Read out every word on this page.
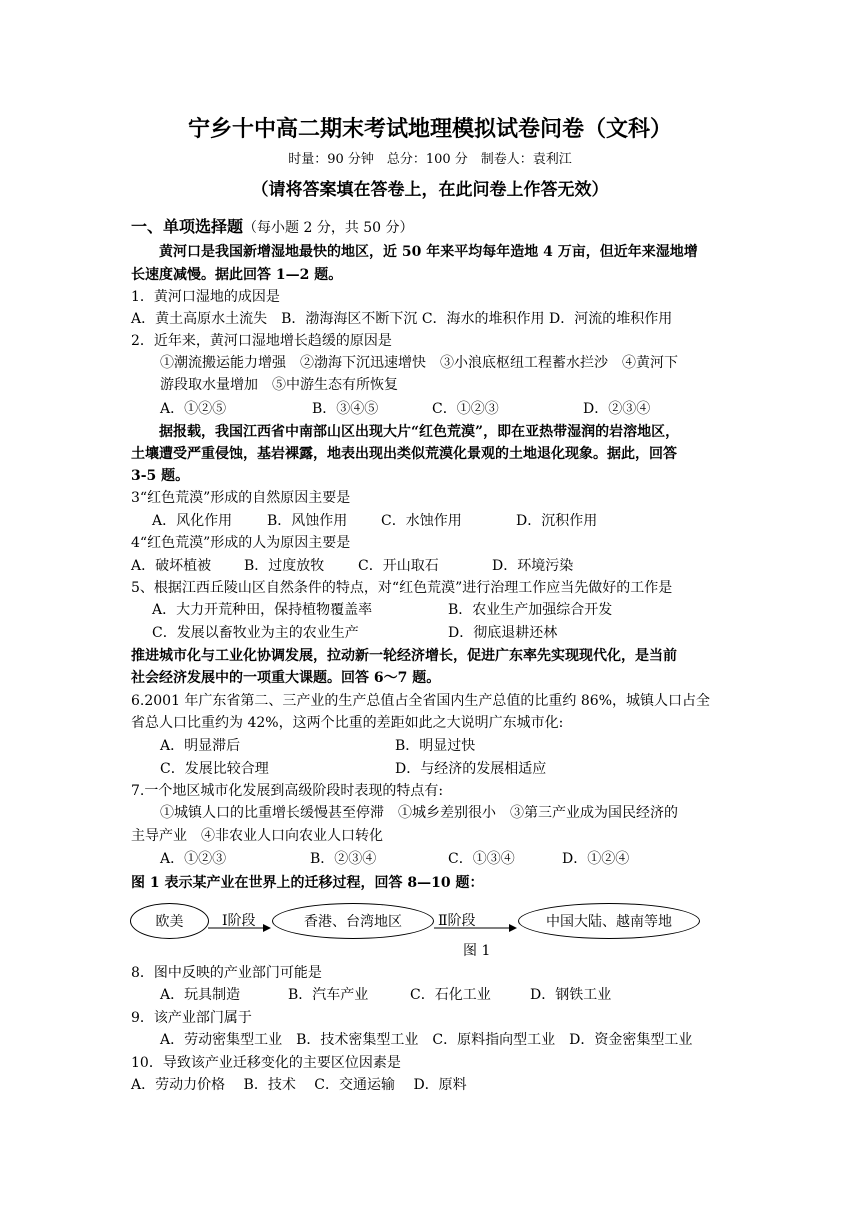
宁乡十中高二期末考试地理模拟试卷问卷（文科）
时量：90 分钟　总分：100 分　制卷人：袁利江
（请将答案填在答卷上，在此问卷上作答无效）
一、单项选择题（每小题 2 分，共 50 分）
　　黄河口是我国新增湿地最快的地区，近 50 年来平均每年造地 4 万亩，但近年来湿地增
长速度减慢。据此回答 1—2 题。
1．黄河口湿地的成因是
A．黄土高原水土流失　B．渤海海区不断下沉 C．海水的堆积作用 D．河流的堆积作用
2．近年来，黄河口湿地增长趋缓的原因是
①潮流搬运能力增强　②渤海下沉迅速增快　③小浪底枢纽工程蓄水拦沙　④黄河下
游段取水量增加　⑤中游生态有所恢复
A．①②⑤	B．③④⑤	C．①②③	D．②③④
　　据报载，我国江西省中南部山区出现大片“红色荒漠”，即在亚热带湿润的岩溶地区，
土壤遭受严重侵蚀，基岩裸露，地表出现出类似荒漠化景观的土地退化现象。据此，回答
3-5 题。
3“红色荒漠”形成的自然原因主要是
A．风化作用 B．风蚀作用 C．水蚀作用	D．沉积作用
4“红色荒漠”形成的人为原因主要是
A．破坏植被 B．过度放牧 C．开山取石	D．环境污染
5、根据江西丘陵山区自然条件的特点，对“红色荒漠”进行治理工作应当先做好的工作是
A．大力开荒种田，保持植物覆盖率	B．农业生产加强综合开发
C．发展以畜牧业为主的农业生产	D．彻底退耕还林
推进城市化与工业化协调发展，拉动新一轮经济增长，促进广东率先实现现代化，是当前
社会经济发展中的一项重大课题。回答 6～7 题。
6.2001 年广东省第二、三产业的生产总值占全省国内生产总值的比重约 86%，城镇人口占全
省总人口比重约为 42%，这两个比重的差距如此之大说明广东城市化:
A．明显滞后	B．明显过快
C．发展比较合理	D．与经济的发展相适应
7.一个地区城市化发展到高级阶段时表现的特点有:
①城镇人口的比重增长缓慢甚至停滞　①城乡差别很小　③第三产业成为国民经济的
主导产业　④非农业人口向农业人口转化
A．①②③	B．②③④	C．①③④	D．①②④
图 1 表示某产业在世界上的迁移过程，回答 8—10 题：
欧美	香港、台湾地区	中国大陆、越南等地
Ⅰ阶段	Ⅱ阶段
图 1
8．图中反映的产业部门可能是
A．玩具制造	B．汽车产业	C．石化工业	D．钢铁工业
9．该产业部门属于
A．劳动密集型工业　B．技术密集型工业　C．原料指向型工业　D．资金密集型工业
10．导致该产业迁移变化的主要区位因素是
A．劳动力价格　 B．技术　 C．交通运输　 D．原料
